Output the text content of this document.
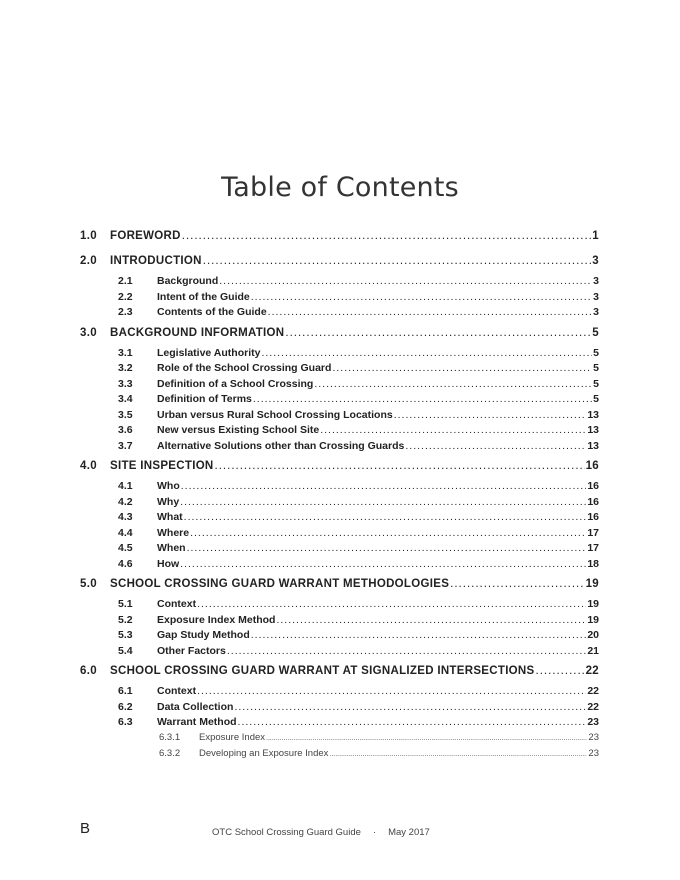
Table of Contents
1.0	FOREWORD .....	1
2.0	INTRODUCTION .....	3
2.1	Background .....	3
2.2	Intent of the Guide .....	3
2.3	Contents of the Guide .....	3
3.0	BACKGROUND INFORMATION .....	5
3.1	Legislative Authority .....	5
3.2	Role of the School Crossing Guard .....	5
3.3	Definition of a School Crossing .....	5
3.4	Definition of Terms .....	5
3.5	Urban versus Rural School Crossing Locations .....	13
3.6	New versus Existing School Site .....	13
3.7	Alternative Solutions other than Crossing Guards .....	13
4.0	SITE INSPECTION .....	16
4.1	Who .....	16
4.2	Why .....	16
4.3	What .....	16
4.4	Where .....	17
4.5	When .....	17
4.6	How .....	18
5.0	SCHOOL CROSSING GUARD WARRANT METHODOLOGIES .....	19
5.1	Context .....	19
5.2	Exposure Index Method .....	19
5.3	Gap Study Method .....	20
5.4	Other Factors .....	21
6.0	SCHOOL CROSSING GUARD WARRANT AT SIGNALIZED INTERSECTIONS .....	22
6.1	Context .....	22
6.2	Data Collection .....	22
6.3	Warrant Method .....	23
6.3.1	Exposure Index .....	23
6.3.2	Developing an Exposure Index .....	23
B	OTC School Crossing Guard Guide · May 2017
